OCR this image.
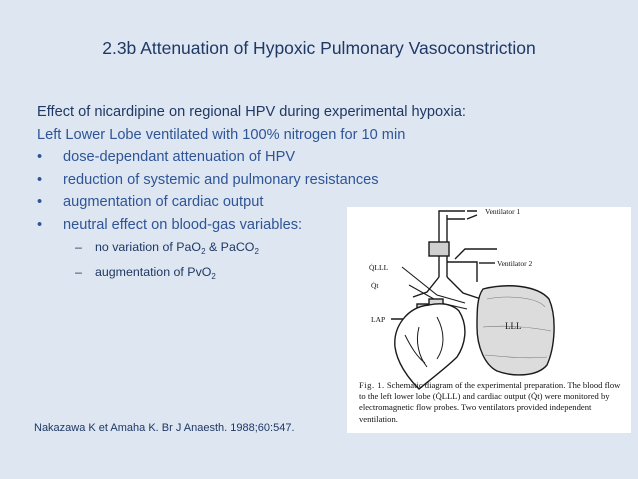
2.3b Attenuation of Hypoxic Pulmonary Vasoconstriction
Effect of nicardipine on regional HPV during experimental hypoxia:
Left Lower Lobe ventilated with 100% nitrogen for 10 min
• dose-dependant attenuation of HPV
• reduction of systemic and pulmonary resistances
• augmentation of cardiac output
• neutral effect on blood-gas variables:
– no variation of PaO$_2$ & PaCO$_2$
– augmentation of PvO$_2$
Ventilator 1
Ventilator 2
Q̇LLL
Q̇t
LAP
LLL
Fig. 1. Schematic diagram of the experimental preparation. The blood flow to the left lower lobe (Q̇LLL) and cardiac output (Q̇t) were monitored by electromagnetic flow probes. Two ventilators provided independent ventilation.
Nakazawa K et Amaha K. Br J Anaesth. 1988;60:547.
